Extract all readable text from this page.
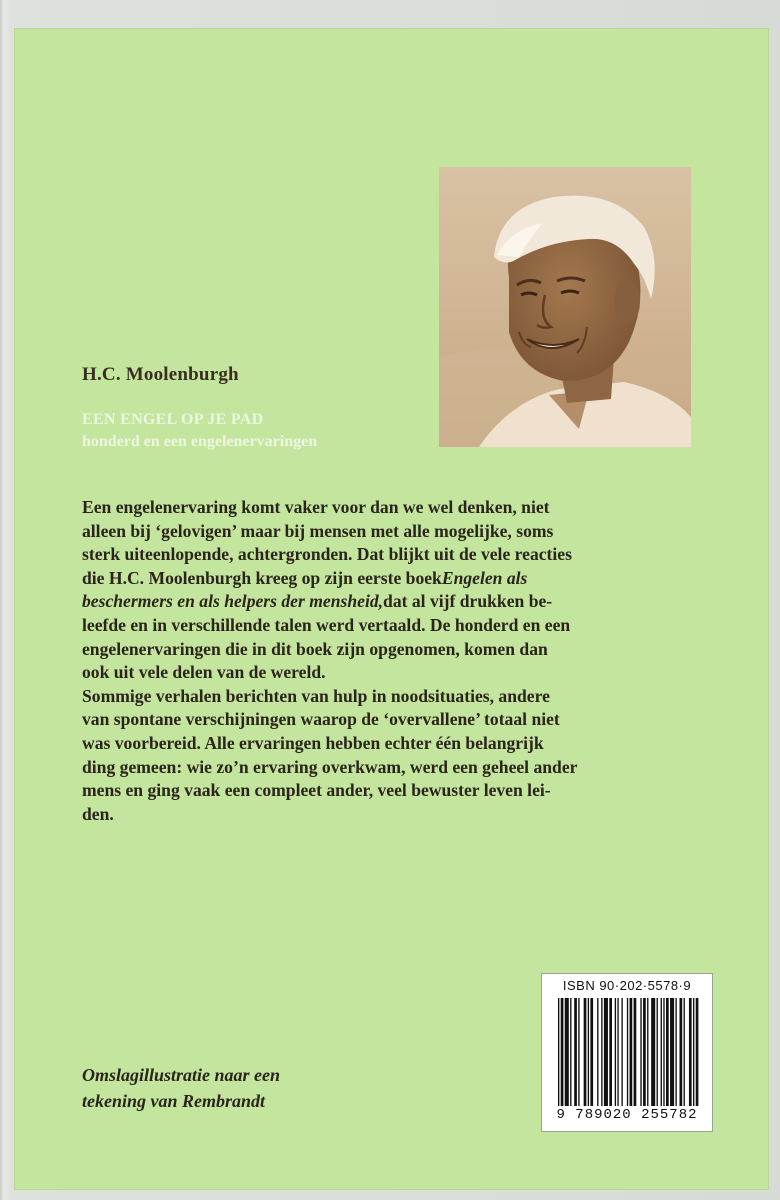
H.C. Moolenburgh
EEN ENGEL OP JE PAD
honderd en een engelenervaringen
Een engelenervaring komt vaker voor dan we wel denken, niet
alleen bij ‘gelovigen’ maar bij mensen met alle mogelijke, soms
sterk uiteenlopende, achtergronden. Dat blijkt uit de vele reacties
die H.C. Moolenburgh kreeg op zijn eerste boek Engelen als
beschermers en als helpers der mensheid, dat al vijf drukken be-
leefde en in verschillende talen werd vertaald. De honderd en een
engelenervaringen die in dit boek zijn opgenomen, komen dan
ook uit vele delen van de wereld.
Sommige verhalen berichten van hulp in noodsituaties, andere
van spontane verschijningen waarop de ‘overvallene’ totaal niet
was voorbereid. Alle ervaringen hebben echter één belangrijk
ding gemeen: wie zo’n ervaring overkwam, werd een geheel ander
mens en ging vaak een compleet ander, veel bewuster leven lei-
den.
Omslagillustratie naar een
tekening van Rembrandt
ISBN 90·202·5578·9
9 789020 255782
